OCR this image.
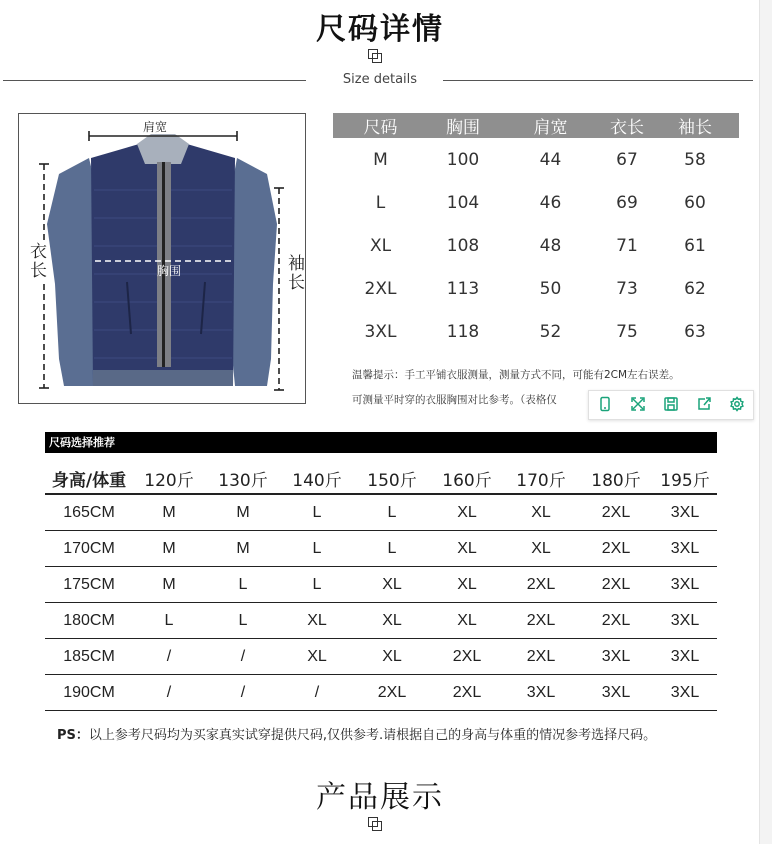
尺码详情
Size details
肩宽
胸围
衣长	袖长
尺码	胸围	肩宽	衣长	袖长
M	100	44	67	58
L	104	46	69	60
XL	108	48	71	61
2XL	113	50	73	62
3XL	118	52	75	63
温馨提示：手工平铺衣服测量，测量方式不同，可能有2CM左右误差。
可测量平时穿的衣服胸围对比参考。（表格仅
尺码选择推荐
身高/体重	120斤	130斤	140斤	150斤	160斤	170斤	180斤	195斤
165CM	M	M	L	L	XL	XL	2XL	3XL
170CM	M	M	L	L	XL	XL	2XL	3XL
175CM	M	L	L	XL	XL	2XL	2XL	3XL
180CM	L	L	XL	XL	XL	2XL	2XL	3XL
185CM	/	/	XL	XL	2XL	2XL	3XL	3XL
190CM	/	/	/	2XL	2XL	3XL	3XL	3XL
PS：以上参考尺码均为买家真实试穿提供尺码,仅供参考.请根据自己的身高与体重的情况参考选择尺码。
产品展示
